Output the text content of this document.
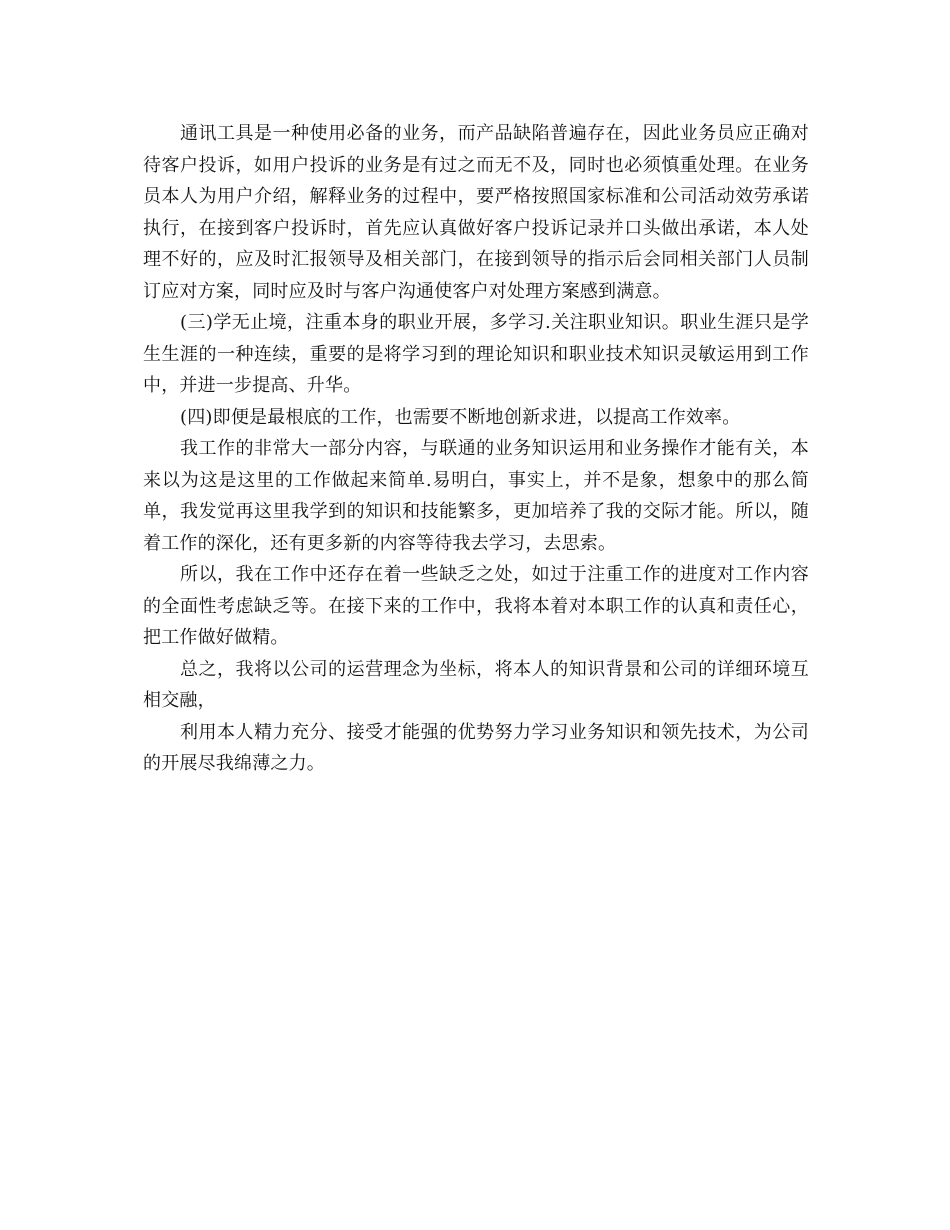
通讯工具是一种使用必备的业务，而产品缺陷普遍存在，因此业务员应正确对待客户投诉，如用户投诉的业务是有过之而无不及，同时也必须慎重处理。在业务员本人为用户介绍，解释业务的过程中，要严格按照国家标准和公司活动效劳承诺执行，在接到客户投诉时，首先应认真做好客户投诉记录并口头做出承诺，本人处理不好的，应及时汇报领导及相关部门，在接到领导的指示后会同相关部门人员制订应对方案，同时应及时与客户沟通使客户对处理方案感到满意。

(三)学无止境，注重本身的职业开展，多学习.关注职业知识。职业生涯只是学生生涯的一种连续，重要的是将学习到的理论知识和职业技术知识灵敏运用到工作中，并进一步提高、升华。

(四)即便是最根底的工作，也需要不断地创新求进，以提高工作效率。

我工作的非常大一部分内容，与联通的业务知识运用和业务操作才能有关，本来以为这是这里的工作做起来简单.易明白，事实上，并不是象，想象中的那么简单，我发觉再这里我学到的知识和技能繁多，更加培养了我的交际才能。所以，随着工作的深化，还有更多新的内容等待我去学习，去思索。

所以，我在工作中还存在着一些缺乏之处，如过于注重工作的进度对工作内容的全面性考虑缺乏等。在接下来的工作中，我将本着对本职工作的认真和责任心，把工作做好做精。

总之，我将以公司的运营理念为坐标，将本人的知识背景和公司的详细环境互相交融，

利用本人精力充分、接受才能强的优势努力学习业务知识和领先技术，为公司的开展尽我绵薄之力。
